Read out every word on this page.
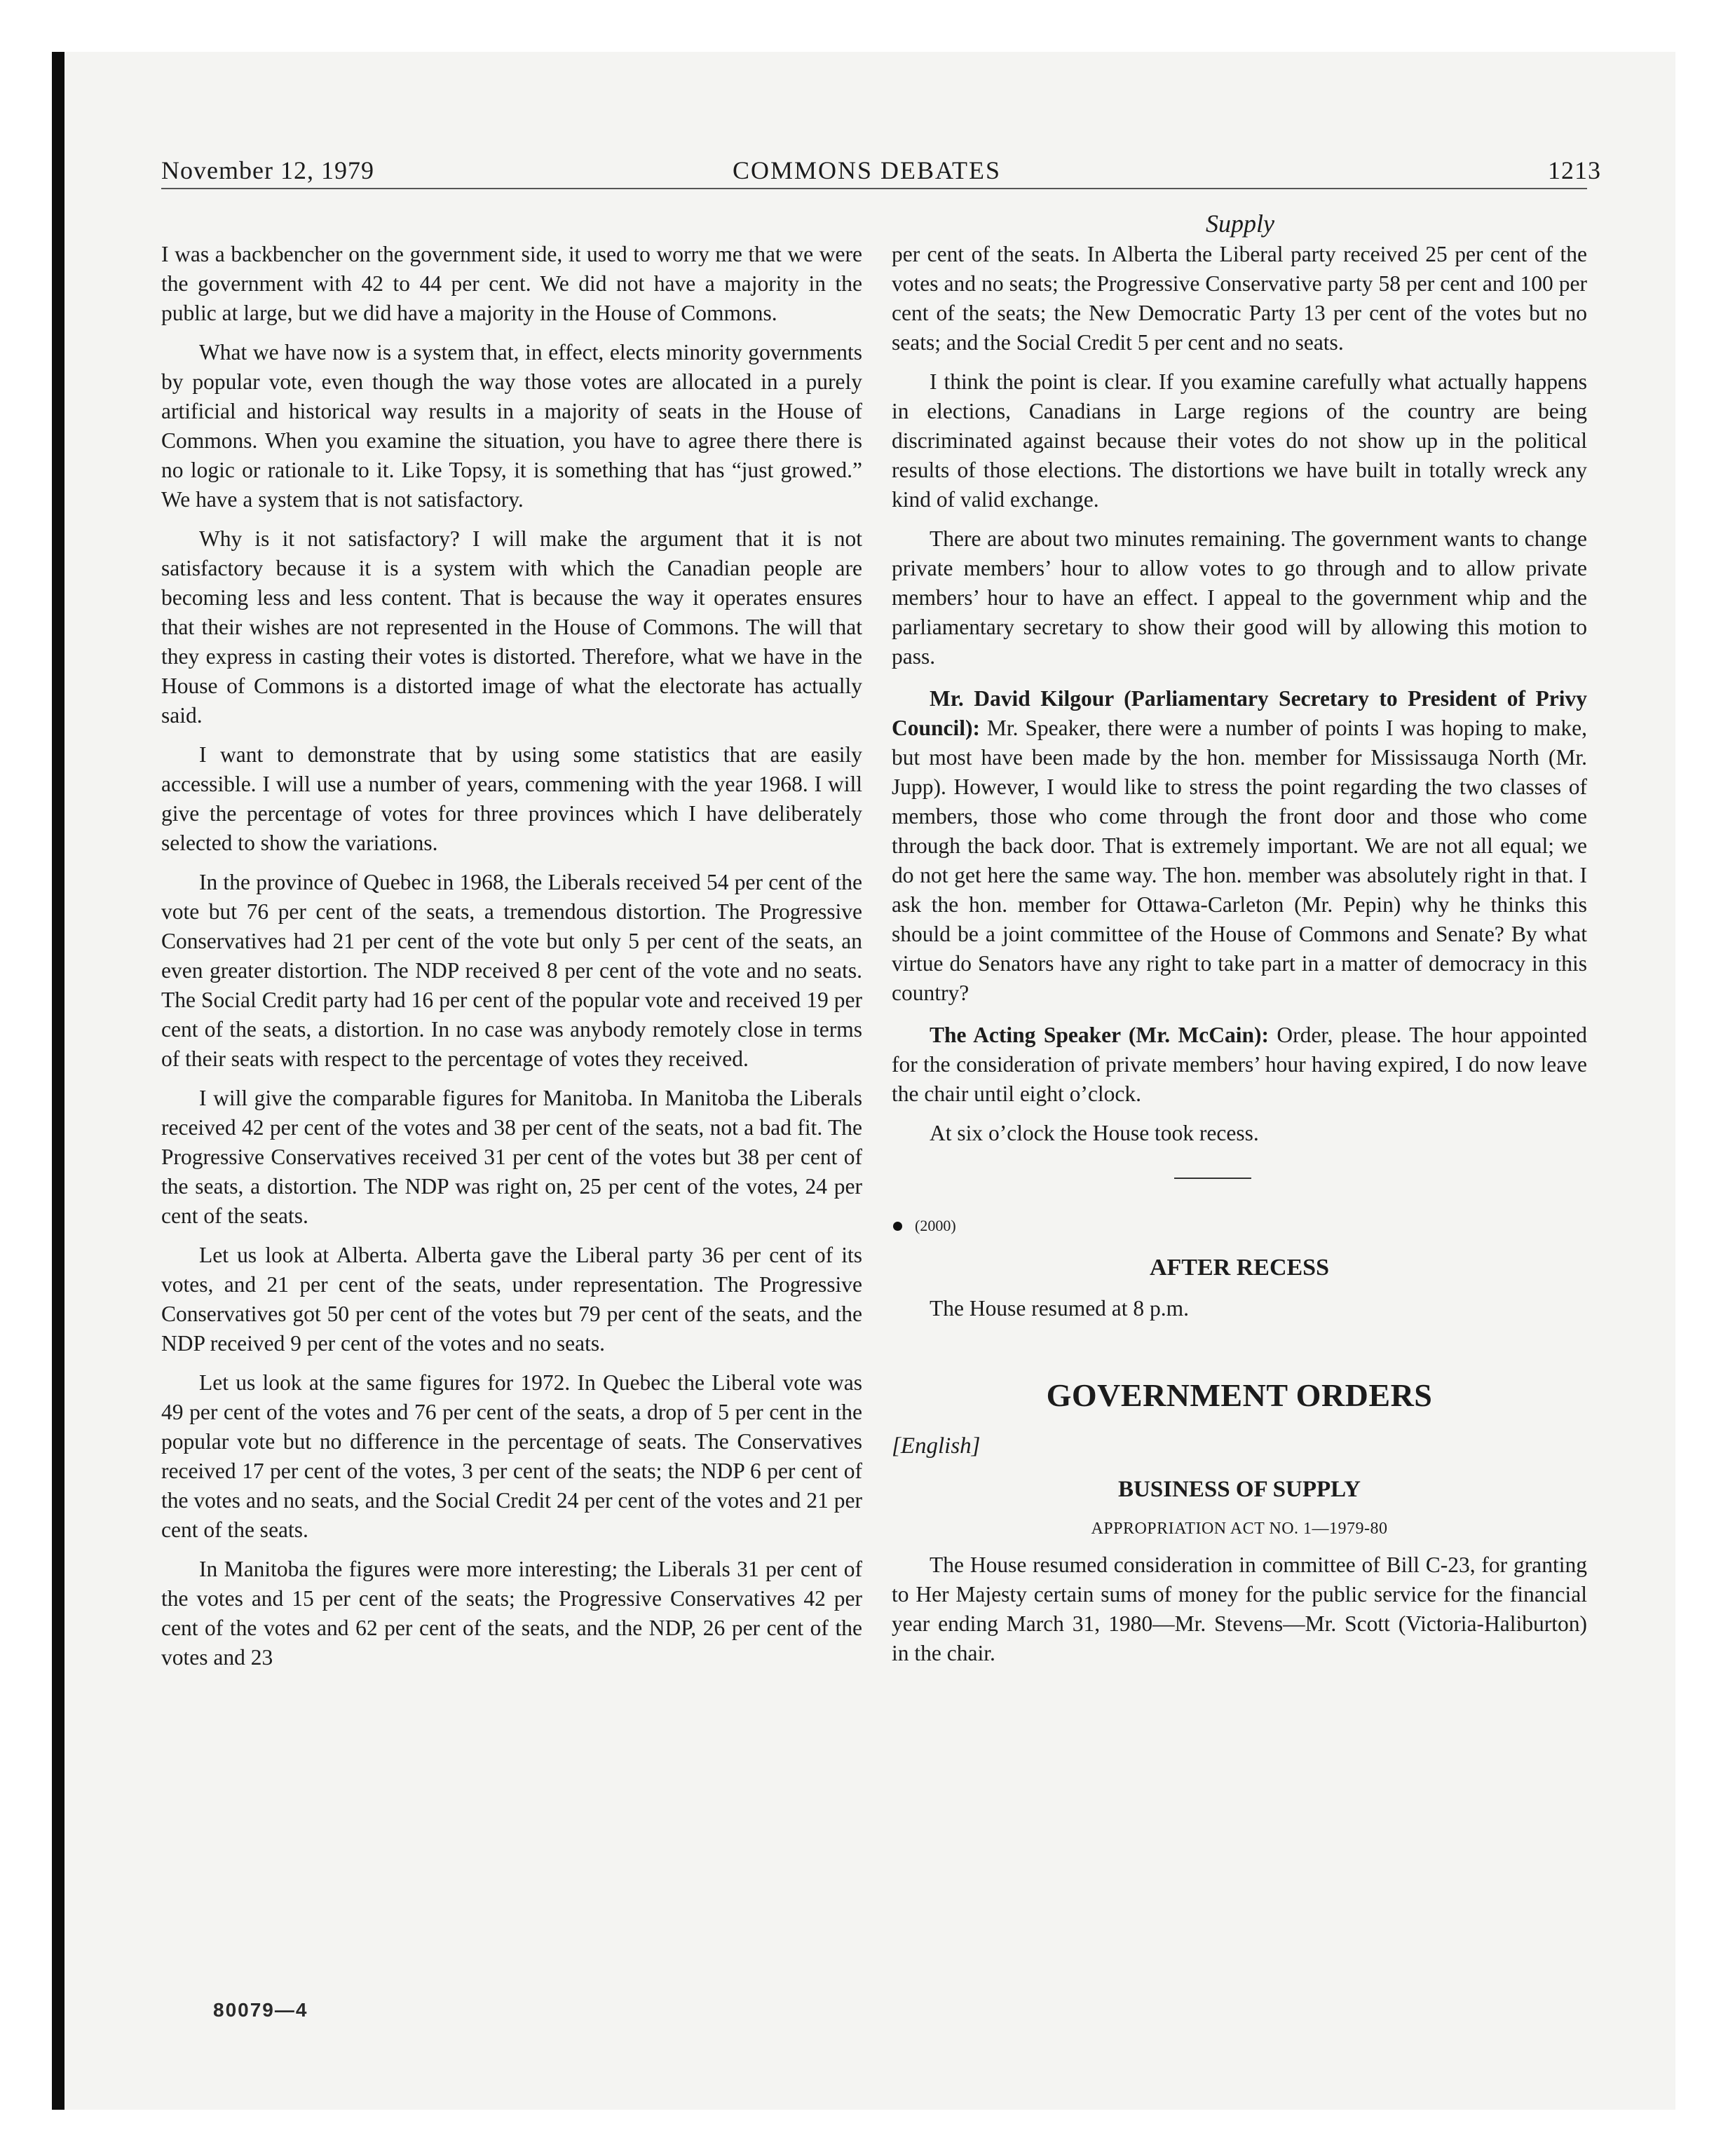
November 12, 1979	COMMONS DEBATES	1213
Supply

I was a backbencher on the government side, it used to worry me that we were the government with 42 to 44 per cent. We did not have a majority in the public at large, but we did have a majority in the House of Commons.

What we have now is a system that, in effect, elects minority governments by popular vote, even though the way those votes are allocated in a purely artificial and historical way results in a majority of seats in the House of Commons. When you examine the situation, you have to agree there there is no logic or rationale to it. Like Topsy, it is something that has “just growed.” We have a system that is not satisfactory.

Why is it not satisfactory? I will make the argument that it is not satisfactory because it is a system with which the Canadian people are becoming less and less content. That is because the way it operates ensures that their wishes are not represented in the House of Commons. The will that they express in casting their votes is distorted. Therefore, what we have in the House of Commons is a distorted image of what the electorate has actually said.

I want to demonstrate that by using some statistics that are easily accessible. I will use a number of years, commening with the year 1968. I will give the percentage of votes for three provinces which I have deliberately selected to show the variations.

In the province of Quebec in 1968, the Liberals received 54 per cent of the vote but 76 per cent of the seats, a tremendous distortion. The Progressive Conservatives had 21 per cent of the vote but only 5 per cent of the seats, an even greater distortion. The NDP received 8 per cent of the vote and no seats. The Social Credit party had 16 per cent of the popular vote and received 19 per cent of the seats, a distortion. In no case was anybody remotely close in terms of their seats with respect to the percentage of votes they received.

I will give the comparable figures for Manitoba. In Manitoba the Liberals received 42 per cent of the votes and 38 per cent of the seats, not a bad fit. The Progressive Conservatives received 31 per cent of the votes but 38 per cent of the seats, a distortion. The NDP was right on, 25 per cent of the votes, 24 per cent of the seats.

Let us look at Alberta. Alberta gave the Liberal party 36 per cent of its votes, and 21 per cent of the seats, under representation. The Progressive Conservatives got 50 per cent of the votes but 79 per cent of the seats, and the NDP received 9 per cent of the votes and no seats.

Let us look at the same figures for 1972. In Quebec the Liberal vote was 49 per cent of the votes and 76 per cent of the seats, a drop of 5 per cent in the popular vote but no difference in the percentage of seats. The Conservatives received 17 per cent of the votes, 3 per cent of the seats; the NDP 6 per cent of the votes and no seats, and the Social Credit 24 per cent of the votes and 21 per cent of the seats.

In Manitoba the figures were more interesting; the Liberals 31 per cent of the votes and 15 per cent of the seats; the Progressive Conservatives 42 per cent of the votes and 62 per cent of the seats, and the NDP, 26 per cent of the votes and 23

per cent of the seats. In Alberta the Liberal party received 25 per cent of the votes and no seats; the Progressive Conservative party 58 per cent and 100 per cent of the seats; the New Democratic Party 13 per cent of the votes but no seats; and the Social Credit 5 per cent and no seats.

I think the point is clear. If you examine carefully what actually happens in elections, Canadians in Large regions of the country are being discriminated against because their votes do not show up in the political results of those elections. The distortions we have built in totally wreck any kind of valid exchange.

There are about two minutes remaining. The government wants to change private members’ hour to allow votes to go through and to allow private members’ hour to have an effect. I appeal to the government whip and the parliamentary secretary to show their good will by allowing this motion to pass.

Mr. David Kilgour (Parliamentary Secretary to President of Privy Council): Mr. Speaker, there were a number of points I was hoping to make, but most have been made by the hon. member for Mississauga North (Mr. Jupp). However, I would like to stress the point regarding the two classes of members, those who come through the front door and those who come through the back door. That is extremely important. We are not all equal; we do not get here the same way. The hon. member was absolutely right in that. I ask the hon. member for Ottawa-Carleton (Mr. Pepin) why he thinks this should be a joint committee of the House of Commons and Senate? By what virtue do Senators have any right to take part in a matter of democracy in this country?

The Acting Speaker (Mr. McCain): Order, please. The hour appointed for the consideration of private members’ hour having expired, I do now leave the chair until eight o’clock.

At six o’clock the House took recess.

(2000)
AFTER RECESS

The House resumed at 8 p.m.

GOVERNMENT ORDERS
[English]
BUSINESS OF SUPPLY
APPROPRIATION ACT NO. 1—1979-80

The House resumed consideration in committee of Bill C-23, for granting to Her Majesty certain sums of money for the public service for the financial year ending March 31, 1980—Mr. Stevens—Mr. Scott (Victoria-Haliburton) in the chair.

80079—4
